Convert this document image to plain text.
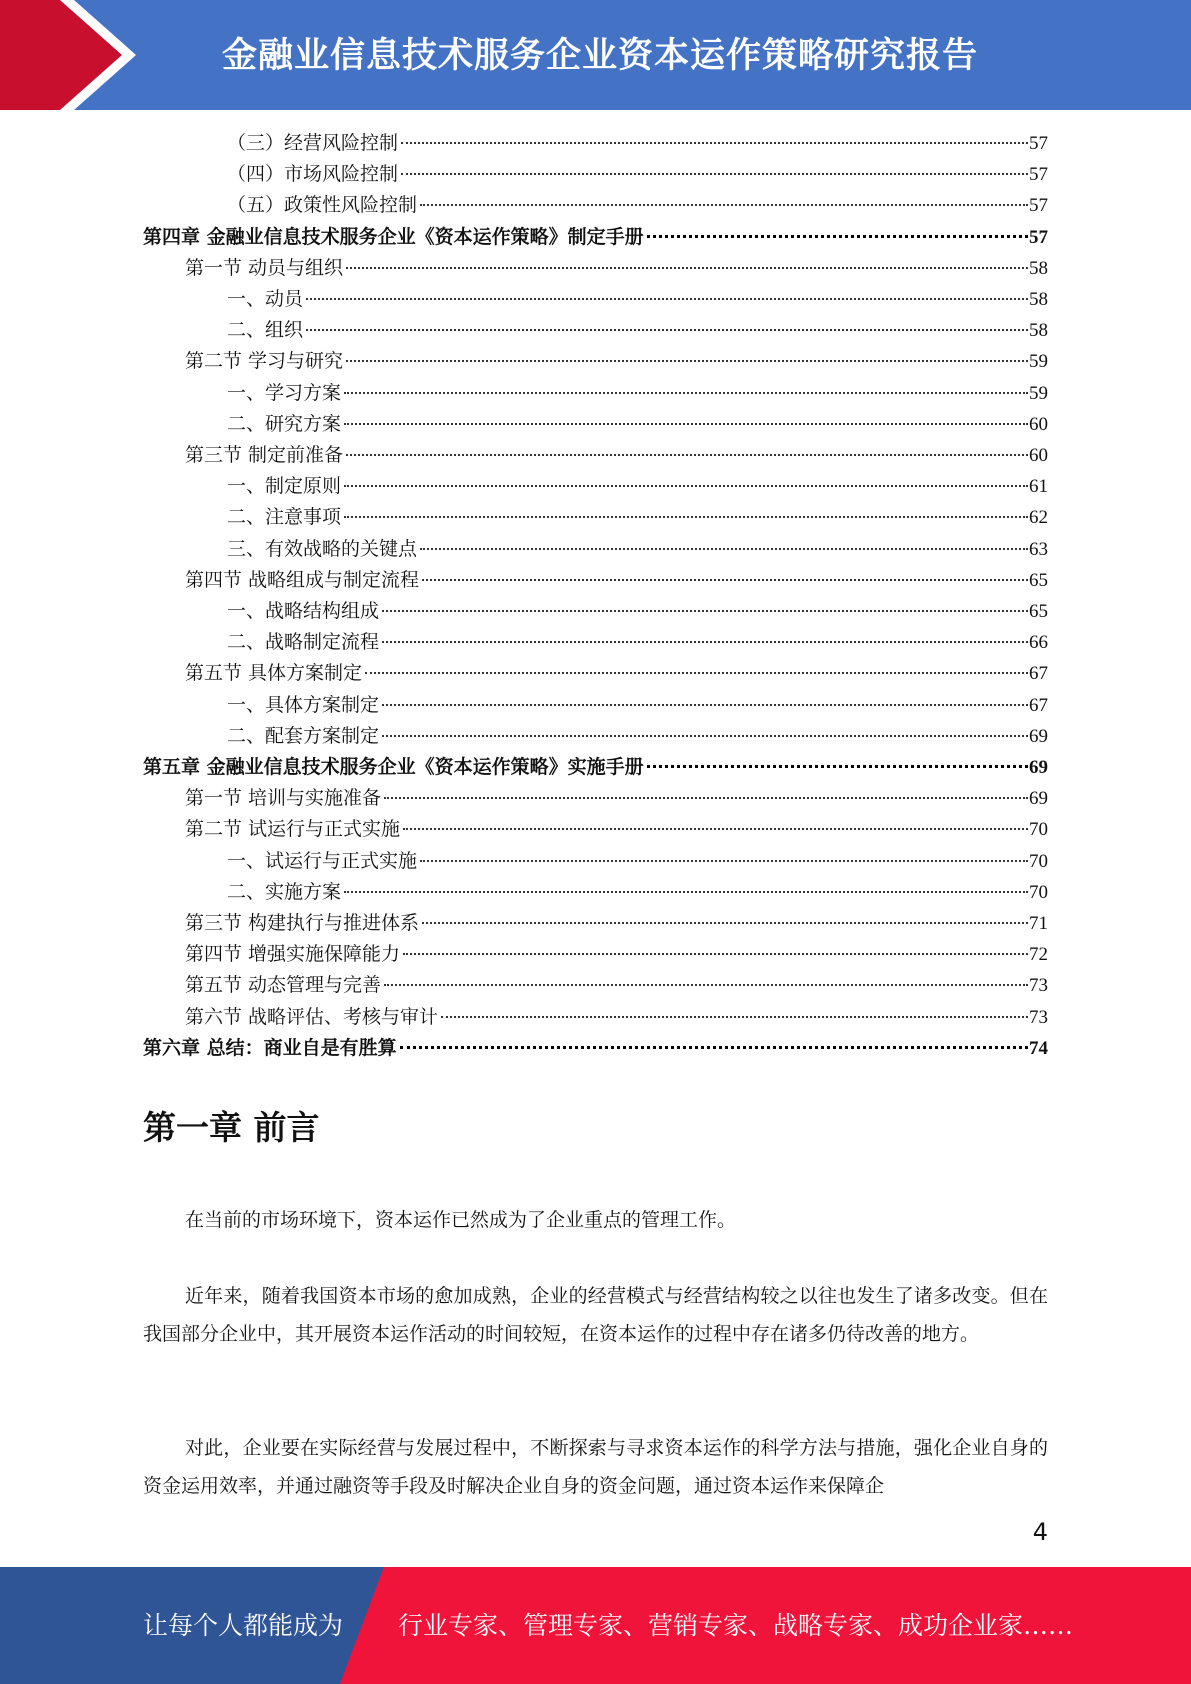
金融业信息技术服务企业资本运作策略研究报告
（三）经营风险控制	57
（四）市场风险控制	57
（五）政策性风险控制	57
第四章 金融业信息技术服务企业《资本运作策略》制定手册	57
第一节 动员与组织	58
一、动员	58
二、组织	58
第二节 学习与研究	59
一、学习方案	59
二、研究方案	60
第三节 制定前准备	60
一、制定原则	61
二、注意事项	62
三、有效战略的关键点	63
第四节 战略组成与制定流程	65
一、战略结构组成	65
二、战略制定流程	66
第五节 具体方案制定	67
一、具体方案制定	67
二、配套方案制定	69
第五章 金融业信息技术服务企业《资本运作策略》实施手册	69
第一节 培训与实施准备	69
第二节 试运行与正式实施	70
一、试运行与正式实施	70
二、实施方案	70
第三节 构建执行与推进体系	71
第四节 增强实施保障能力	72
第五节 动态管理与完善	73
第六节 战略评估、考核与审计	73
第六章 总结：商业自是有胜算	74
第一章 前言
在当前的市场环境下，资本运作已然成为了企业重点的管理工作。
近年来，随着我国资本市场的愈加成熟，企业的经营模式与经营结构较之以往也发生了诸多改变。但在我国部分企业中，其开展资本运作活动的时间较短，在资本运作的过程中存在诸多仍待改善的地方。
对此，企业要在实际经营与发展过程中，不断探索与寻求资本运作的科学方法与措施，强化企业自身的资金运用效率，并通过融资等手段及时解决企业自身的资金问题，通过资本运作来保障企
4
让每个人都能成为 行业专家、管理专家、营销专家、战略专家、成功企业家……
